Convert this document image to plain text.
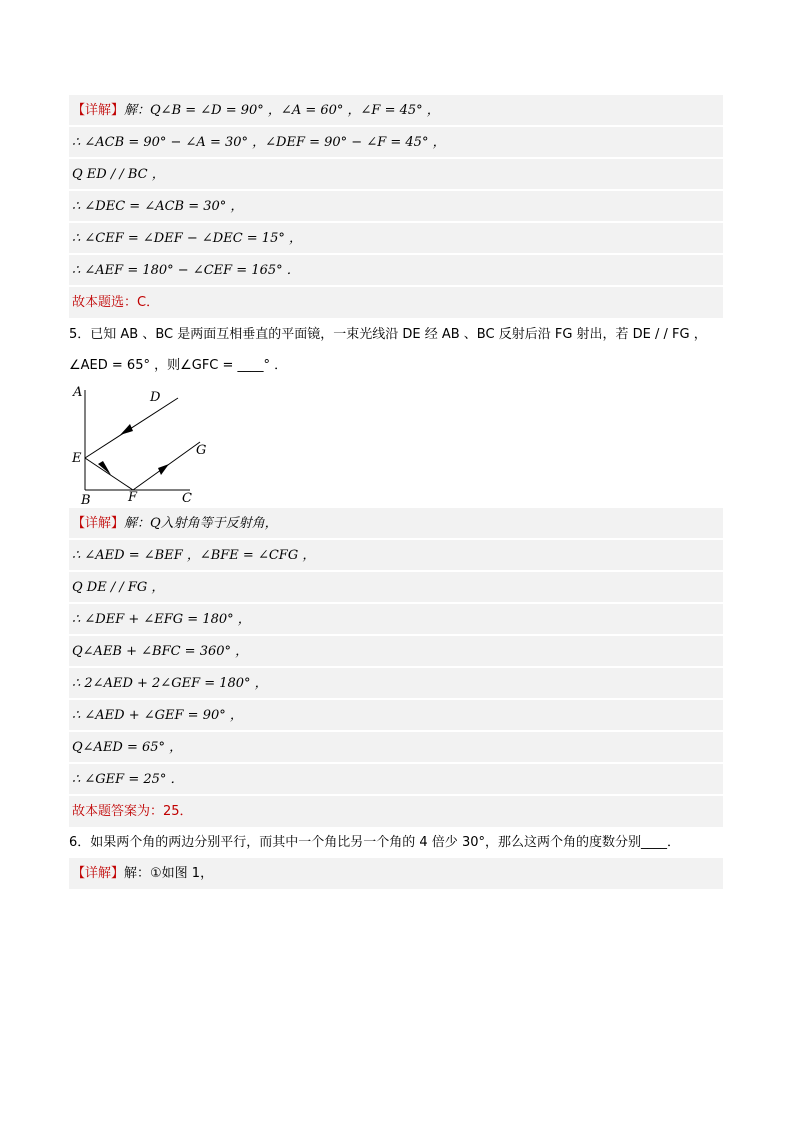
【详解】解：Q∠B = ∠D = 90° ，∠A = 60° ，∠F = 45° ，
∴ ∠ACB = 90° − ∠A = 30° ，∠DEF = 90° − ∠F = 45° ，
Q ED / / BC ，
∴ ∠DEC = ∠ACB = 30° ，
∴ ∠CEF = ∠DEF − ∠DEC = 15° ，
∴ ∠AEF = 180° − ∠CEF = 165° ．
故本题选：C．
5．已知 AB 、BC 是两面互相垂直的平面镜，一束光线沿 DE 经 AB 、BC 反射后沿 FG 射出，若 DE / / FG ，
∠AED = 65° ，则∠GFC = ____° ．
A	D
E
G
B	F	C
【详解】解：Q入射角等于反射角，
∴ ∠AED = ∠BEF ，∠BFE = ∠CFG ，
Q DE / / FG ，
∴ ∠DEF + ∠EFG = 180° ，
Q∠AEB + ∠BFC = 360° ，
∴ 2∠AED + 2∠GEF = 180° ，
∴ ∠AED + ∠GEF = 90° ，
Q∠AED = 65° ，
∴ ∠GEF = 25° ．
故本题答案为：25．
6．如果两个角的两边分别平行，而其中一个角比另一个角的 4 倍少 30°，那么这两个角的度数分别____．
【详解】解：①如图 1，
